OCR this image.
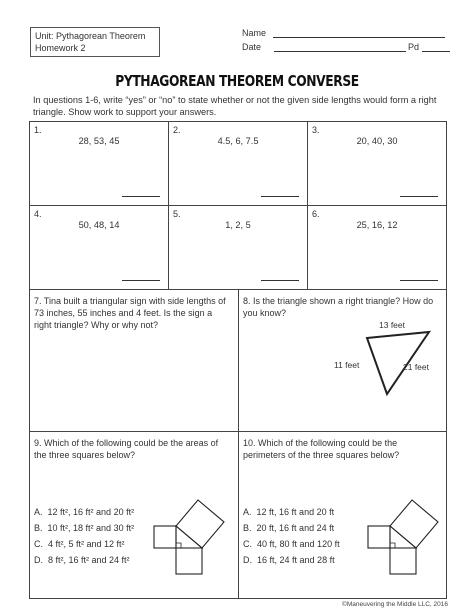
Unit: Pythagorean Theorem
Homework 2
Name
Date	Pd
PYTHAGOREAN THEOREM CONVERSE
In questions 1-6, write “yes” or “no” to state whether or not the given side lengths would form a right triangle. Show work to support your answers.
1.
28, 53, 45
2.
4.5, 6, 7.5
3.
20, 40, 30
4.
50, 48, 14
5.
1, 2, 5
6.
25, 16, 12
7. Tina built a triangular sign with side lengths of 73 inches, 55 inches and 4 feet. Is the sign a right triangle? Why or why not?
8. Is the triangle shown a right triangle? How do you know?
13 feet
11 feet	21 feet
9. Which of the following could be the areas of the three squares below?
A. 12 ft², 16 ft² and 20 ft²
B. 10 ft², 18 ft² and 30 ft²
C. 4 ft², 5 ft² and 12 ft²
D. 8 ft², 16 ft² and 24 ft²
10. Which of the following could be the perimeters of the three squares below?
A. 12 ft, 16 ft and 20 ft
B. 20 ft, 16 ft and 24 ft
C. 40 ft, 80 ft and 120 ft
D. 16 ft, 24 ft and 28 ft
©Maneuvering the Middle LLC, 2016
